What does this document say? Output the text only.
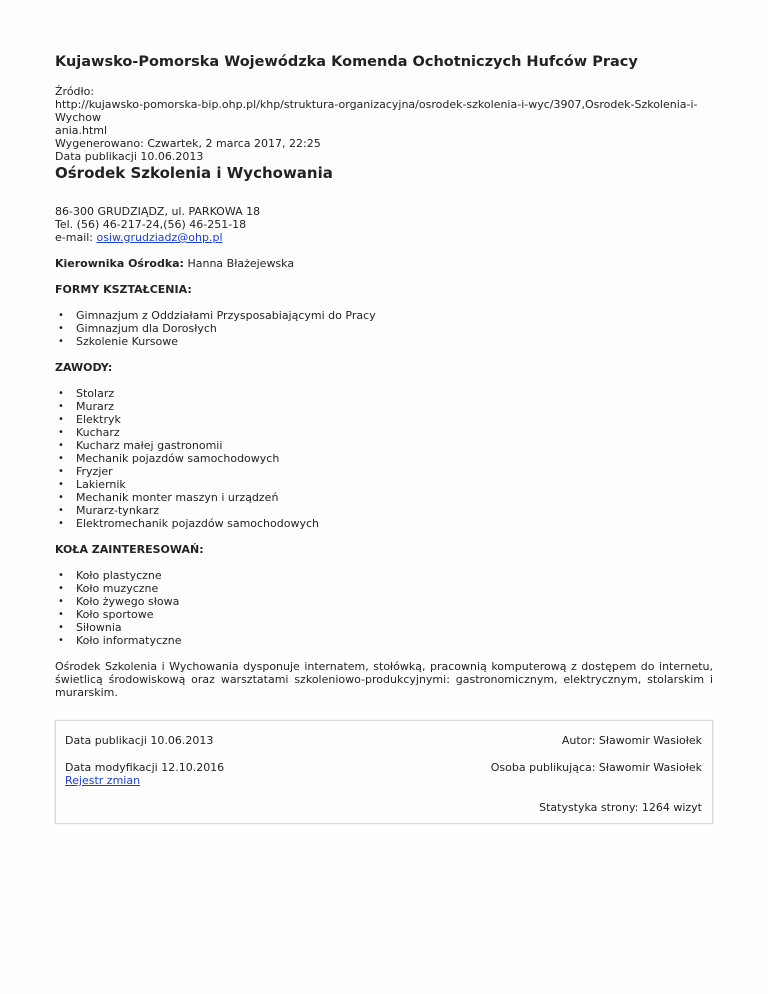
Kujawsko-Pomorska Wojewódzka Komenda Ochotniczych Hufców Pracy
Źródło:
http://kujawsko-pomorska-bip.ohp.pl/khp/struktura-organizacyjna/osrodek-szkolenia-i-wyc/3907,Osrodek-Szkolenia-i-Wychow
ania.html
Wygenerowano: Czwartek, 2 marca 2017, 22:25
Data publikacji 10.06.2013
Ośrodek Szkolenia i Wychowania
86-300 GRUDZIĄDZ, ul. PARKOWA 18
Tel. (56) 46-217-24,(56) 46-251-18
e-mail: osiw.grudziadz@ohp.pl
Kierownika Ośrodka: Hanna Błażejewska
FORMY KSZTAŁCENIA:
• Gimnazjum z Oddziałami Przysposabiającymi do Pracy
• Gimnazjum dla Dorosłych
• Szkolenie Kursowe
ZAWODY:
• Stolarz
• Murarz
• Elektryk
• Kucharz
• Kucharz małej gastronomii
• Mechanik pojazdów samochodowych
• Fryzjer
• Lakiernik
• Mechanik monter maszyn i urządzeń
• Murarz-tynkarz
• Elektromechanik pojazdów samochodowych
KOŁA ZAINTERESOWAŃ:
• Koło plastyczne
• Koło muzyczne
• Koło żywego słowa
• Koło sportowe
• Siłownia
• Koło informatyczne
Ośrodek Szkolenia i Wychowania dysponuje internatem, stołówką, pracownią komputerową z dostępem do internetu, świetlicą środowiskową oraz warsztatami szkoleniowo-produkcyjnymi: gastronomicznym, elektrycznym, stolarskim i murarskim.
Data publikacji 10.06.2013	Autor: Sławomir Wasiołek
Data modyfikacji 12.10.2016
Rejestr zmian
Osoba publikująca: Sławomir Wasiołek
Statystyka strony: 1264 wizyt
